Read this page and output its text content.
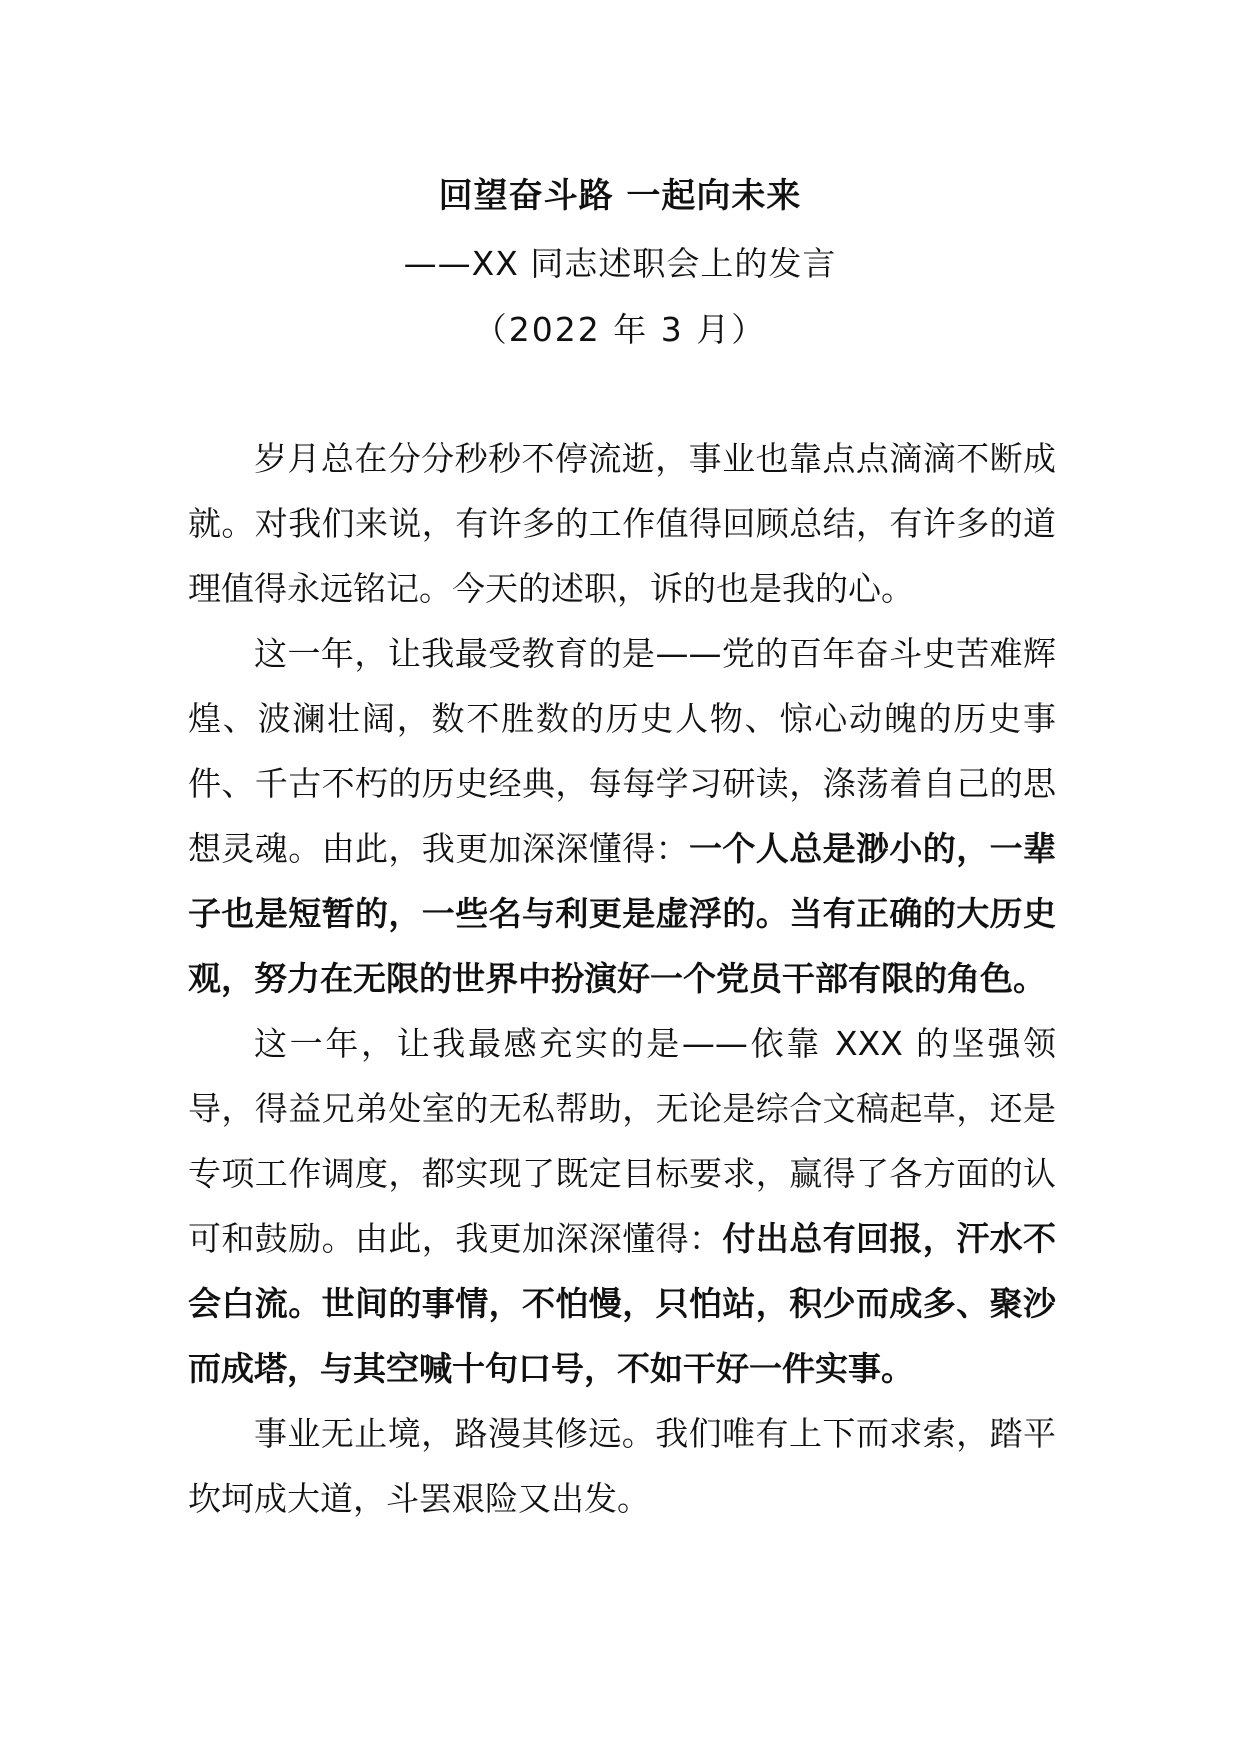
回望奋斗路 一起向未来
——XX 同志述职会上的发言
（2022 年 3 月）

岁月总在分分秒秒不停流逝，事业也靠点点滴滴不断成就。对我们来说，有许多的工作值得回顾总结，有许多的道理值得永远铭记。今天的述职，诉的也是我的心。

这一年，让我最受教育的是——党的百年奋斗史苦难辉煌、波澜壮阔，数不胜数的历史人物、惊心动魄的历史事件、千古不朽的历史经典，每每学习研读，涤荡着自己的思想灵魂。由此，我更加深深懂得：一个人总是渺小的，一辈子也是短暂的，一些名与利更是虚浮的。当有正确的大历史观，努力在无限的世界中扮演好一个党员干部有限的角色。

这一年，让我最感充实的是——依靠 XXX 的坚强领导，得益兄弟处室的无私帮助，无论是综合文稿起草，还是专项工作调度，都实现了既定目标要求，赢得了各方面的认可和鼓励。由此，我更加深深懂得：付出总有回报，汗水不会白流。世间的事情，不怕慢，只怕站，积少而成多、聚沙而成塔，与其空喊十句口号，不如干好一件实事。

事业无止境，路漫其修远。我们唯有上下而求索，踏平坎坷成大道，斗罢艰险又出发。
